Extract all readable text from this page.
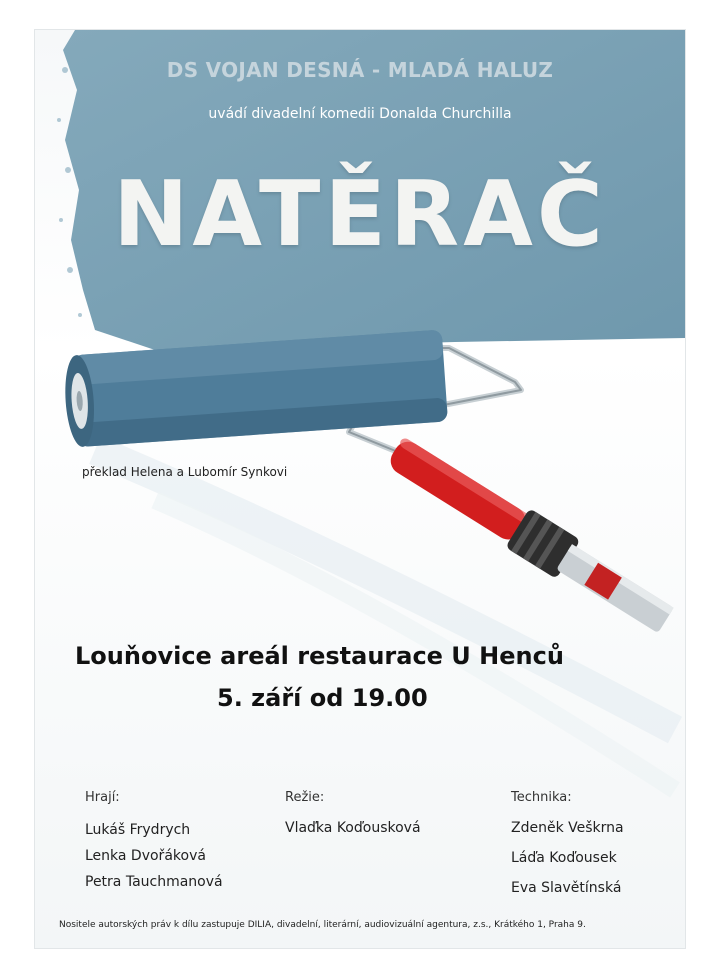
DS VOJAN DESNÁ - MLADÁ HALUZ
uvádí divadelní komedii Donalda Churchilla
NATĚRAČ
překlad Helena a Lubomír Synkovi
Louňovice areál restaurace U Henců
5. září od 19.00
Hrají:
Lukáš Frydrych
Lenka Dvořáková
Petra Tauchmanová
Režie:
Vlaďka Koďousková
Technika:
Zdeněk Veškrna
Láďa Koďousek
Eva Slavětínská
Nositele autorských práv k dílu zastupuje DILIA, divadelní, literární, audiovizuální agentura, z.s., Krátkého 1, Praha 9.
